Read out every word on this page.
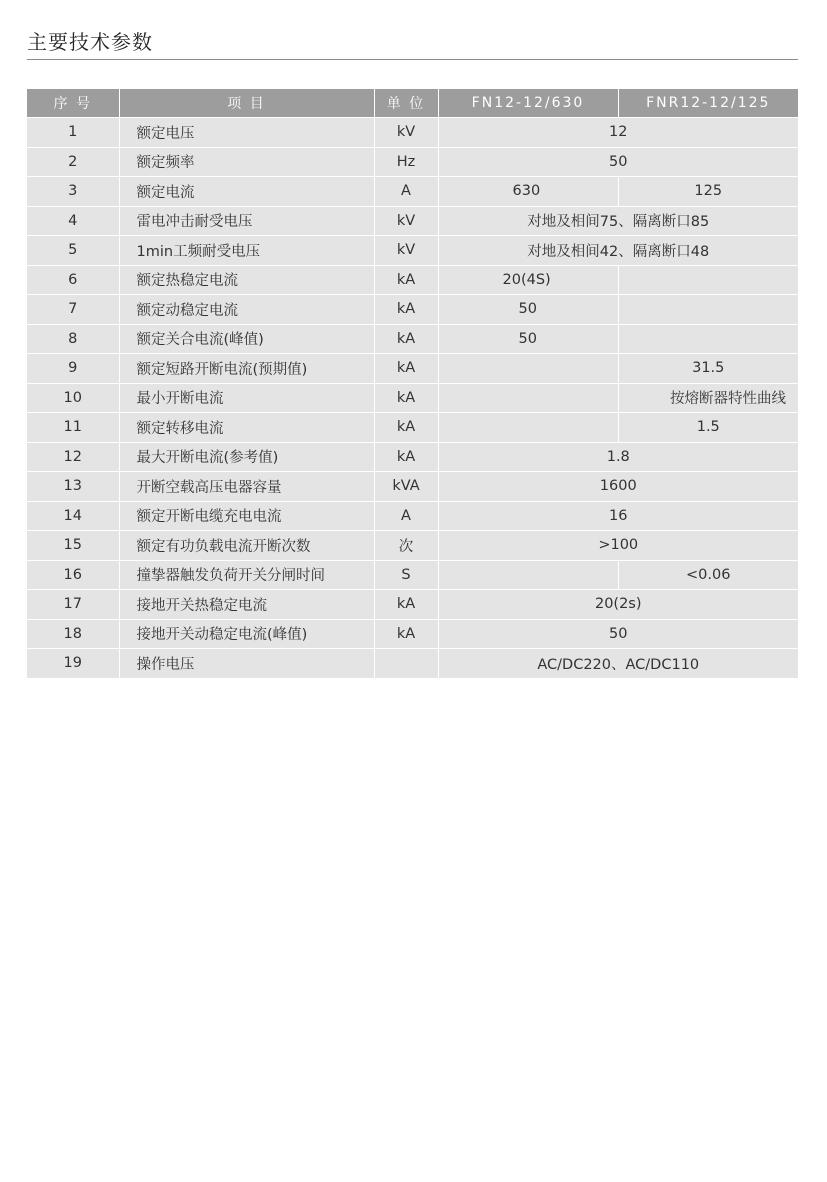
主要技术参数
序 号	项 目	单 位	FN12-12/630	FNR12-12/125
1	额定电压	kV	12	
2	额定频率	Hz	50	
3	额定电流	A	630	125
4	雷电冲击耐受电压	kV	对地及相间75、隔离断口85	
5	1min工频耐受电压	kV	对地及相间42、隔离断口48	
6	额定热稳定电流	kA	20(4S)	
7	额定动稳定电流	kA	50	
8	额定关合电流(峰值)	kA	50	
9	额定短路开断电流(预期值)	kA		31.5
10	最小开断电流	kA		按熔断器特性曲线
11	额定转移电流	kA		1.5
12	最大开断电流(参考值)	kA	1.8	
13	开断空载高压电器容量	kVA	1600	
14	额定开断电缆充电电流	A	16	
15	额定有功负载电流开断次数	次	>100	
16	撞挚器触发负荷开关分闸时间	S		<0.06
17	接地开关热稳定电流	kA	20(2s)	
18	接地开关动稳定电流(峰值)	kA	50	
19	操作电压		AC/DC220、AC/DC110	
